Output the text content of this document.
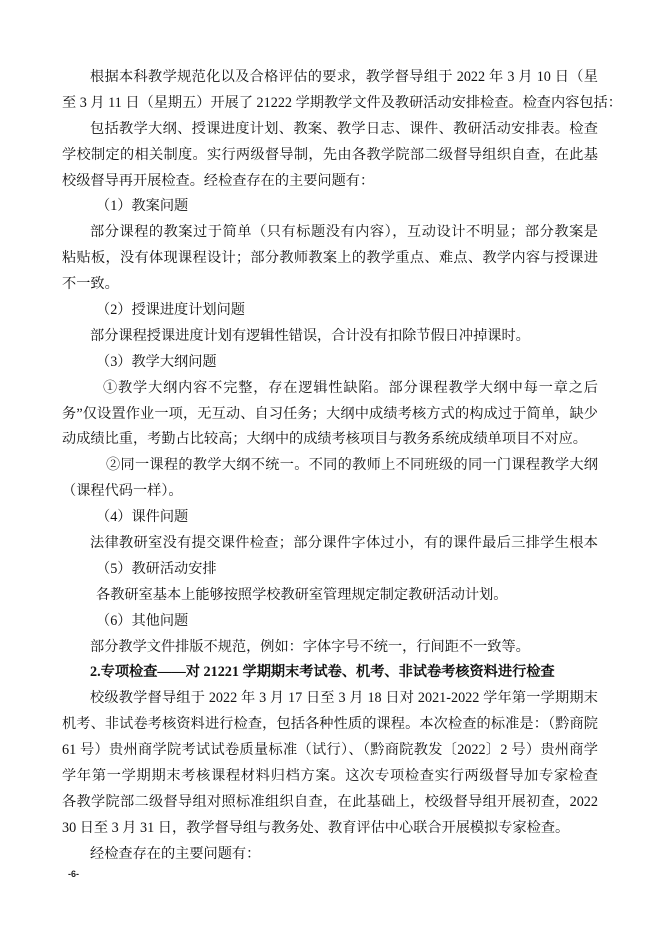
根据本科教学规范化以及合格评估的要求，教学督导组于 2022 年 3 月 10 日（星
至 3 月 11 日（星期五）开展了 21222 学期教学文件及教研活动安排检查。检查内容包括：
包括教学大纲、授课进度计划、教案、教学日志、课件、教研活动安排表。检查
学校制定的相关制度。实行两级督导制，先由各教学院部二级督导组织自查，在此基
校级督导再开展检查。经检查存在的主要问题有：
（1）教案问题
部分课程的教案过于简单（只有标题没有内容），互动设计不明显；部分教案是
粘贴板，没有体现课程设计；部分教师教案上的教学重点、难点、教学内容与授课进
不一致。
（2）授课进度计划问题
部分课程授课进度计划有逻辑性错误，合计没有扣除节假日冲掉课时。
（3）教学大纲问题
①教学大纲内容不完整，存在逻辑性缺陷。部分课程教学大纲中每一章之后
务”仅设置作业一项，无互动、自习任务；大纲中成绩考核方式的构成过于简单，缺少
动成绩比重，考勤占比较高；大纲中的成绩考核项目与教务系统成绩单项目不对应。
②同一课程的教学大纲不统一。不同的教师上不同班级的同一门课程教学大纲
（课程代码一样）。
（4）课件问题
法律教研室没有提交课件检查；部分课件字体过小，有的课件最后三排学生根本
（5）教研活动安排
各教研室基本上能够按照学校教研室管理规定制定教研活动计划。
（6）其他问题
部分教学文件排版不规范，例如：字体字号不统一，行间距不一致等。
2.专项检查——对 21221 学期期末考试卷、机考、非试卷考核资料进行检查
校级教学督导组于 2022 年 3 月 17 日至 3 月 18 日对 2021-2022 学年第一学期期末
机考、非试卷考核资料进行检查，包括各种性质的课程。本次检查的标准是：（黔商院
61 号）贵州商学院考试试卷质量标准（试行）、（黔商院教发〔2022〕2 号）贵州商学
学年第一学期期末考核课程材料归档方案。这次专项检查实行两级督导加专家检查
各教学院部二级督导组对照标准组织自查，在此基础上，校级督导组开展初查，2022
30 日至 3 月 31 日，教学督导组与教务处、教育评估中心联合开展模拟专家检查。
经检查存在的主要问题有：
-6-
